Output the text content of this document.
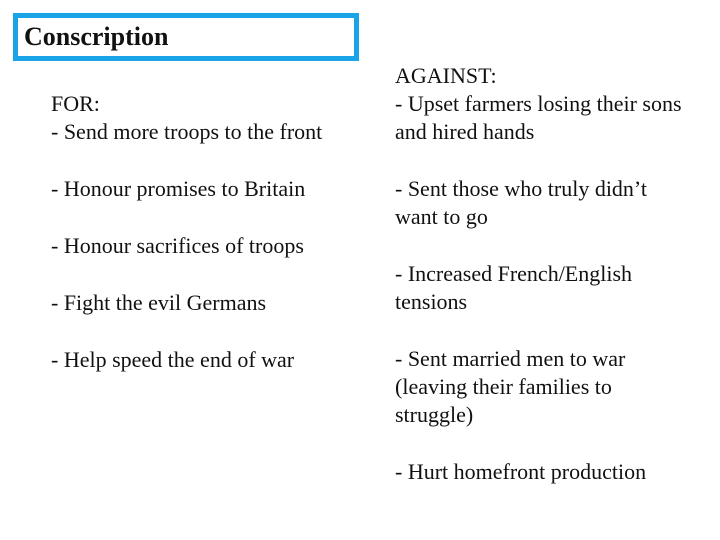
Conscription
FOR:
- Send more troops to the front
- Honour promises to Britain
- Honour sacrifices of troops
- Fight the evil Germans
- Help speed the end of war
AGAINST:
- Upset farmers losing their sons and hired hands
- Sent those who truly didn’t want to go
- Increased French/English tensions
- Sent married men to war (leaving their families to struggle)
- Hurt homefront production
